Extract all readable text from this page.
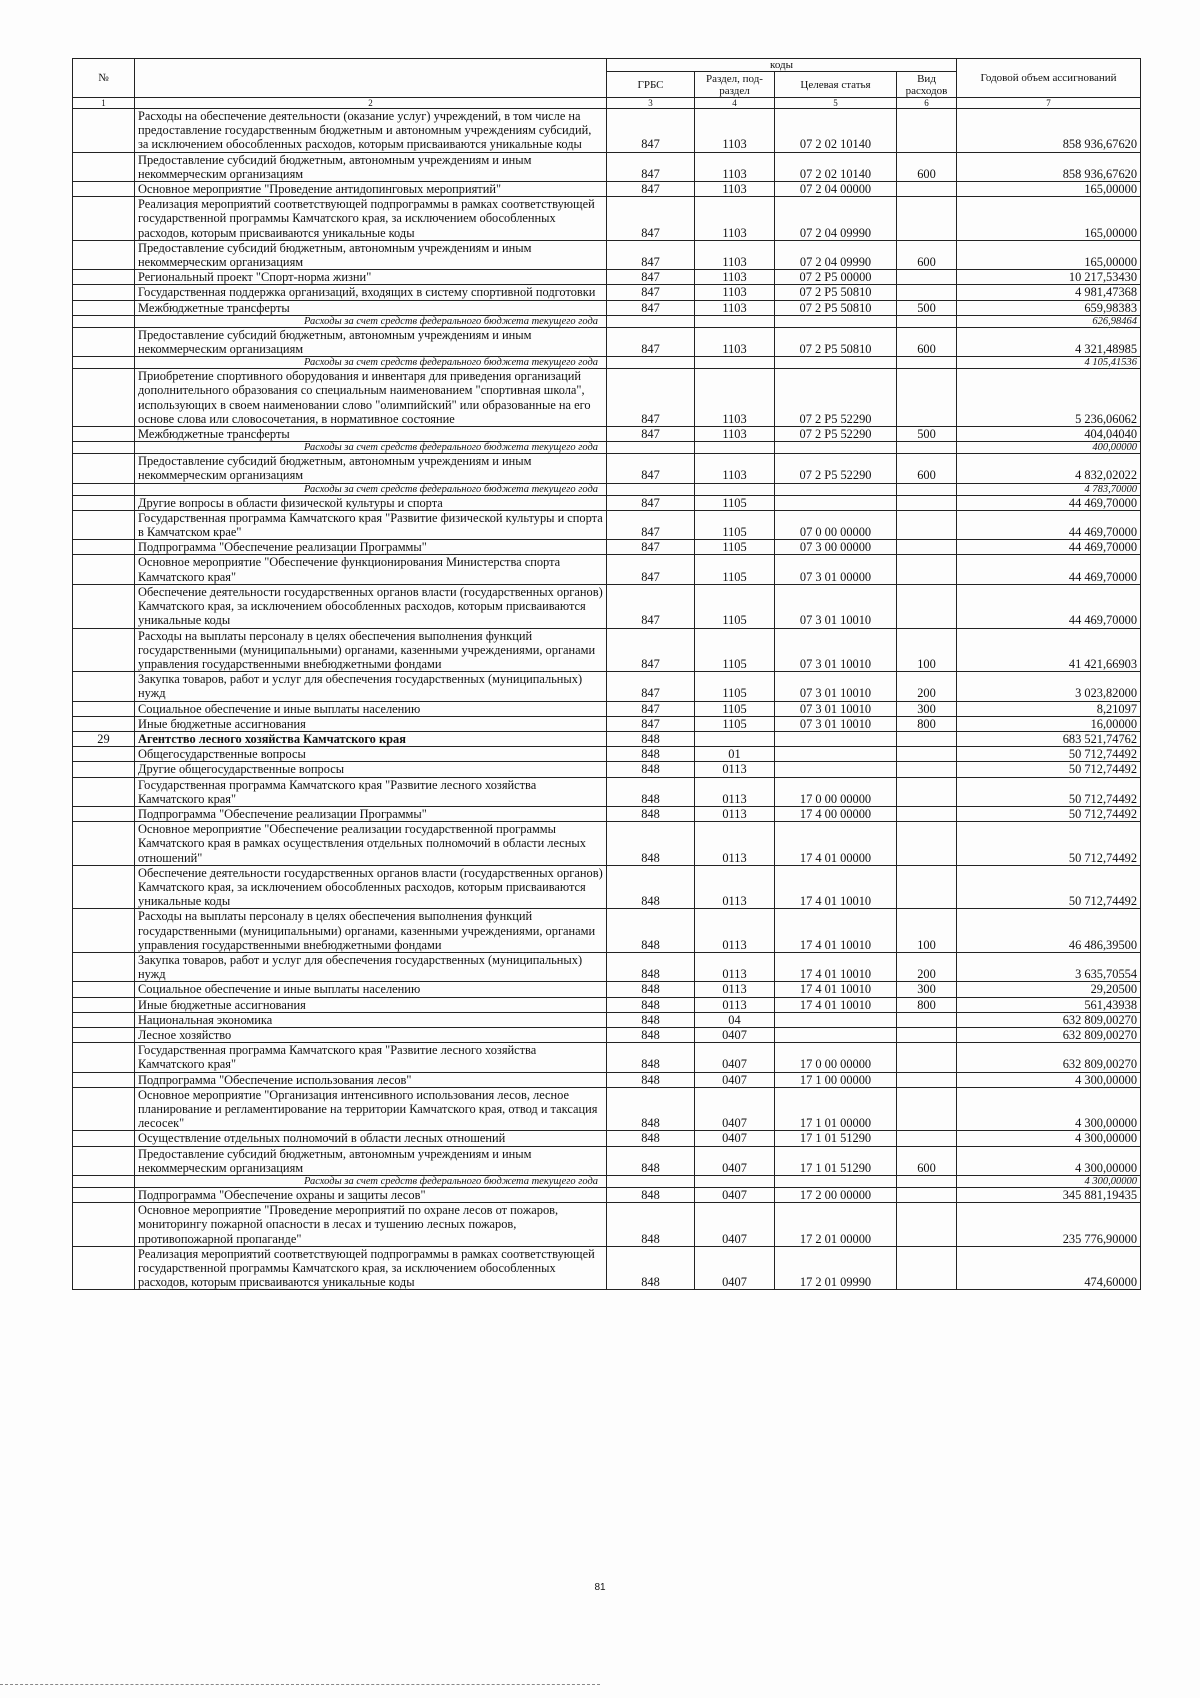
№		коды				Годовой объем ассигнований
		ГРБС	Раздел, под-раздел	Целевая статья	Вид расходов	
1	2	3	4	5	6	7
	Расходы на обеспечение деятельности (оказание услуг) учреждений, в том числе на предоставление государственным бюджетным и автономным учреждениям субсидий, за исключением обособленных расходов, которым присваиваются уникальные коды	847	1103	07 2 02 10140		858 936,67620
	Предоставление субсидий бюджетным, автономным учреждениям и иным некоммерческим организациям	847	1103	07 2 02 10140	600	858 936,67620
	Основное мероприятие "Проведение антидопинговых мероприятий"	847	1103	07 2 04 00000		165,00000
	Реализация мероприятий соответствующей подпрограммы в рамках соответствующей государственной программы Камчатского края, за исключением обособленных расходов, которым присваиваются уникальные коды	847	1103	07 2 04 09990		165,00000
	Предоставление субсидий бюджетным, автономным учреждениям и иным некоммерческим организациям	847	1103	07 2 04 09990	600	165,00000
	Региональный проект "Спорт-норма жизни"	847	1103	07 2 P5 00000		10 217,53430
	Государственная поддержка организаций, входящих в систему спортивной подготовки	847	1103	07 2 P5 50810		4 981,47368
	Межбюджетные трансферты	847	1103	07 2 P5 50810	500	659,98383
	Расходы за счет средств федерального бюджета текущего года					626,98464
	Предоставление субсидий бюджетным, автономным учреждениям и иным некоммерческим организациям	847	1103	07 2 P5 50810	600	4 321,48985
	Расходы за счет средств федерального бюджета текущего года					4 105,41536
	Приобретение спортивного оборудования и инвентаря для приведения организаций дополнительного образования со специальным наименованием "спортивная школа", использующих в своем наименовании слово "олимпийский" или образованные на его основе слова или словосочетания, в нормативное состояние	847	1103	07 2 P5 52290		5 236,06062
	Межбюджетные трансферты	847	1103	07 2 P5 52290	500	404,04040
	Расходы за счет средств федерального бюджета текущего года					400,00000
	Предоставление субсидий бюджетным, автономным учреждениям и иным некоммерческим организациям	847	1103	07 2 P5 52290	600	4 832,02022
	Расходы за счет средств федерального бюджета текущего года					4 783,70000
	Другие вопросы в области физической культуры и спорта	847	1105			44 469,70000
	Государственная программа Камчатского края "Развитие физической культуры и спорта в Камчатском крае"	847	1105	07 0 00 00000		44 469,70000
	Подпрограмма "Обеспечение реализации Программы"	847	1105	07 3 00 00000		44 469,70000
	Основное мероприятие "Обеспечение функционирования Министерства спорта Камчатского края"	847	1105	07 3 01 00000		44 469,70000
	Обеспечение деятельности государственных органов власти (государственных органов) Камчатского края, за исключением обособленных расходов, которым присваиваются уникальные коды	847	1105	07 3 01 10010		44 469,70000
	Расходы на выплаты персоналу в целях обеспечения выполнения функций государственными (муниципальными) органами, казенными учреждениями, органами управления государственными внебюджетными фондами	847	1105	07 3 01 10010	100	41 421,66903
	Закупка товаров, работ и услуг для обеспечения государственных (муниципальных) нужд	847	1105	07 3 01 10010	200	3 023,82000
	Социальное обеспечение и иные выплаты населению	847	1105	07 3 01 10010	300	8,21097
	Иные бюджетные ассигнования	847	1105	07 3 01 10010	800	16,00000
29	Агентство лесного хозяйства Камчатского края	848				683 521,74762
	Общегосударственные вопросы	848	01			50 712,74492
	Другие общегосударственные вопросы	848	0113			50 712,74492
	Государственная программа Камчатского края "Развитие лесного хозяйства Камчатского края"	848	0113	17 0 00 00000		50 712,74492
	Подпрограмма "Обеспечение реализации Программы"	848	0113	17 4 00 00000		50 712,74492
	Основное мероприятие "Обеспечение реализации государственной программы Камчатского края в рамках осуществления отдельных полномочий в области лесных отношений"	848	0113	17 4 01 00000		50 712,74492
	Обеспечение деятельности государственных органов власти (государственных органов) Камчатского края, за исключением обособленных расходов, которым присваиваются уникальные коды	848	0113	17 4 01 10010		50 712,74492
	Расходы на выплаты персоналу в целях обеспечения выполнения функций государственными (муниципальными) органами, казенными учреждениями, органами управления государственными внебюджетными фондами	848	0113	17 4 01 10010	100	46 486,39500
	Закупка товаров, работ и услуг для обеспечения государственных (муниципальных) нужд	848	0113	17 4 01 10010	200	3 635,70554
	Социальное обеспечение и иные выплаты населению	848	0113	17 4 01 10010	300	29,20500
	Иные бюджетные ассигнования	848	0113	17 4 01 10010	800	561,43938
	Национальная экономика	848	04			632 809,00270
	Лесное хозяйство	848	0407			632 809,00270
	Государственная программа Камчатского края "Развитие лесного хозяйства Камчатского края"	848	0407	17 0 00 00000		632 809,00270
	Подпрограмма "Обеспечение использования лесов"	848	0407	17 1 00 00000		4 300,00000
	Основное мероприятие "Организация интенсивного использования лесов, лесное планирование и регламентирование на территории Камчатского края, отвод и таксация лесосек"	848	0407	17 1 01 00000		4 300,00000
	Осуществление отдельных полномочий в области лесных отношений	848	0407	17 1 01 51290		4 300,00000
	Предоставление субсидий бюджетным, автономным учреждениям и иным некоммерческим организациям	848	0407	17 1 01 51290	600	4 300,00000
	Расходы за счет средств федерального бюджета текущего года					4 300,00000
	Подпрограмма "Обеспечение охраны и защиты лесов"	848	0407	17 2 00 00000		345 881,19435
	Основное мероприятие "Проведение мероприятий по охране лесов от пожаров, мониторингу пожарной опасности в лесах и тушению лесных пожаров, противопожарной пропаганде"	848	0407	17 2 01 00000		235 776,90000
	Реализация мероприятий соответствующей подпрограммы в рамках соответствующей государственной программы Камчатского края, за исключением обособленных расходов, которым присваиваются уникальные коды	848	0407	17 2 01 09990		474,60000
81
